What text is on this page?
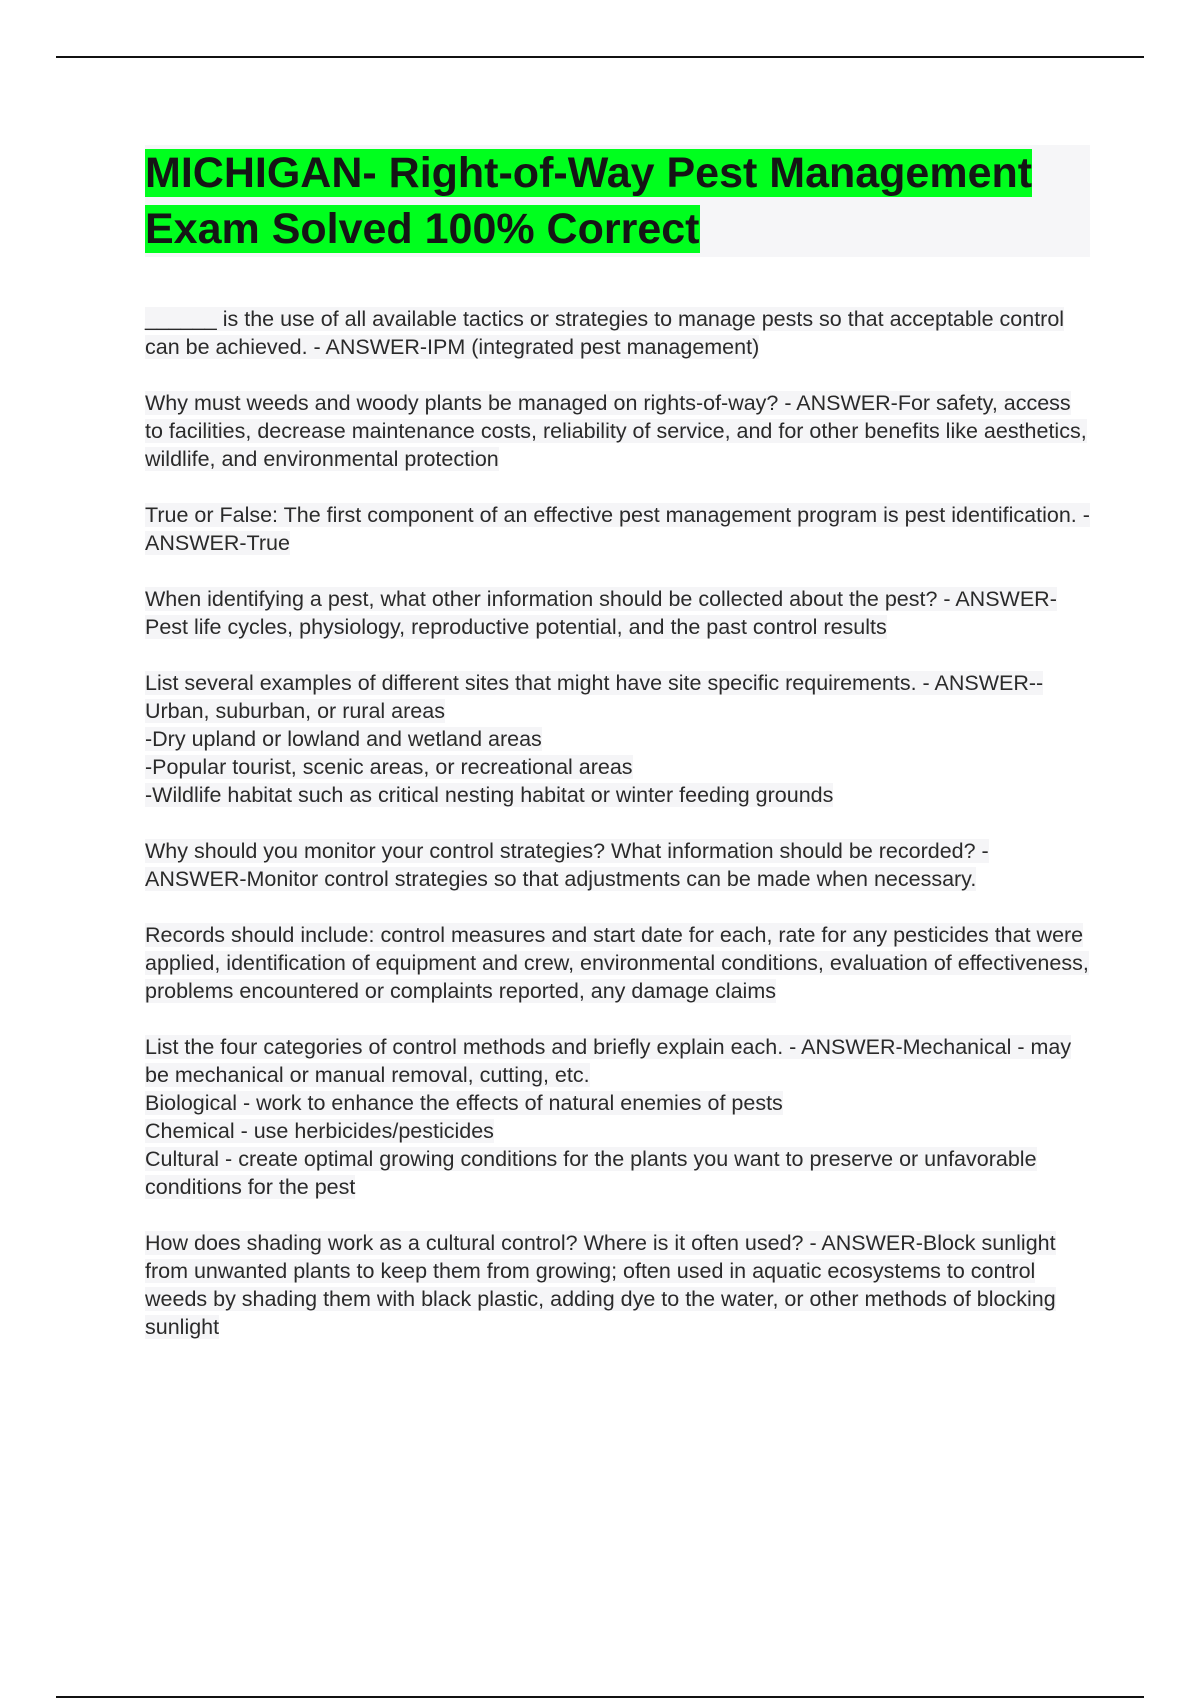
MICHIGAN- Right-of-Way Pest Management Exam Solved 100% Correct

______ is the use of all available tactics or strategies to manage pests so that acceptable control can be achieved. - ANSWER-IPM (integrated pest management)

Why must weeds and woody plants be managed on rights-of-way? - ANSWER-For safety, access to facilities, decrease maintenance costs, reliability of service, and for other benefits like aesthetics, wildlife, and environmental protection

True or False: The first component of an effective pest management program is pest identification. - ANSWER-True

When identifying a pest, what other information should be collected about the pest? - ANSWER-Pest life cycles, physiology, reproductive potential, and the past control results

List several examples of different sites that might have site specific requirements. - ANSWER--Urban, suburban, or rural areas
-Dry upland or lowland and wetland areas
-Popular tourist, scenic areas, or recreational areas
-Wildlife habitat such as critical nesting habitat or winter feeding grounds

Why should you monitor your control strategies? What information should be recorded? - ANSWER-Monitor control strategies so that adjustments can be made when necessary.

Records should include: control measures and start date for each, rate for any pesticides that were applied, identification of equipment and crew, environmental conditions, evaluation of effectiveness, problems encountered or complaints reported, any damage claims

List the four categories of control methods and briefly explain each. - ANSWER-Mechanical - may be mechanical or manual removal, cutting, etc.
Biological - work to enhance the effects of natural enemies of pests
Chemical - use herbicides/pesticides
Cultural - create optimal growing conditions for the plants you want to preserve or unfavorable conditions for the pest

How does shading work as a cultural control? Where is it often used? - ANSWER-Block sunlight from unwanted plants to keep them from growing; often used in aquatic ecosystems to control weeds by shading them with black plastic, adding dye to the water, or other methods of blocking sunlight
